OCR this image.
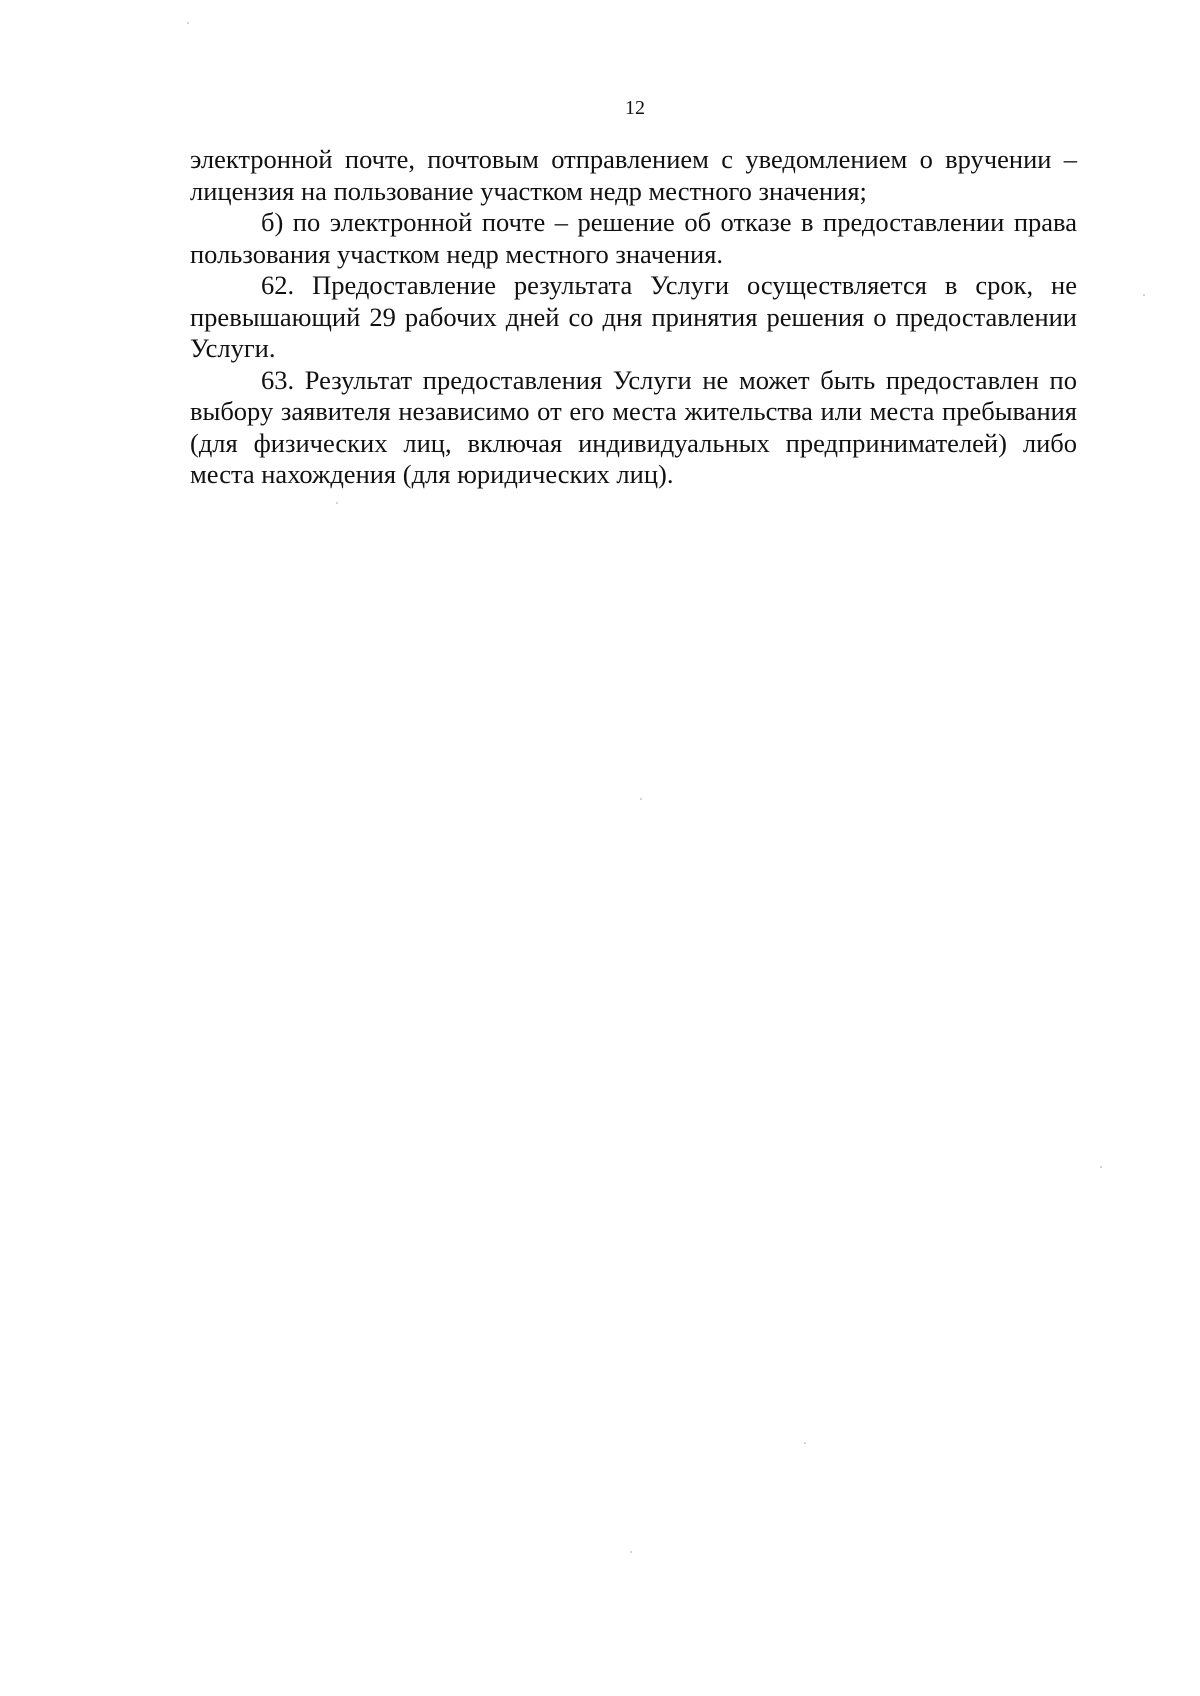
12

электронной почте, почтовым отправлением с уведомлением о вручении – лицензия на пользование участком недр местного значения;

б) по электронной почте – решение об отказе в предоставлении права пользования участком недр местного значения.

62. Предоставление результата Услуги осуществляется в срок, не превышающий 29 рабочих дней со дня принятия решения о предоставлении Услуги.

63. Результат предоставления Услуги не может быть предоставлен по выбору заявителя независимо от его места жительства или места пребывания (для физических лиц, включая индивидуальных предпринимателей) либо места нахождения (для юридических лиц).
